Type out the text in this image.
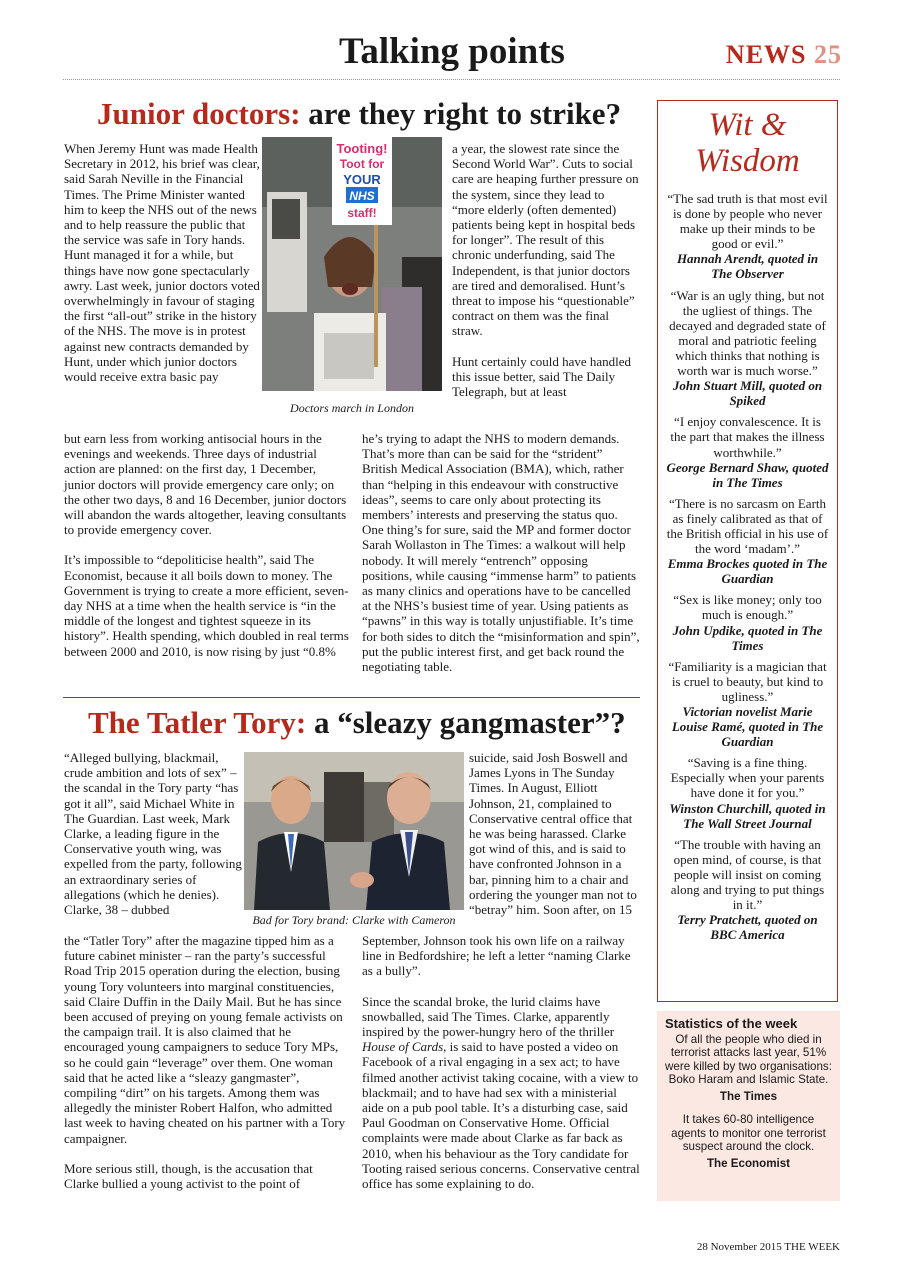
Talking points	NEWS 25
Junior doctors: are they right to strike?

When Jeremy Hunt was made Health Secretary in 2012, his brief was clear, said Sarah Neville in the Financial Times. The Prime Minister wanted him to keep the NHS out of the news and to help reassure the public that the service was safe in Tory hands. Hunt managed it for a while, but things have now gone spectacularly awry. Last week, junior doctors voted overwhelmingly in favour of staging the first “all-out” strike in the history of the NHS. The move is in protest against new contracts demanded by Hunt, under which junior doctors would receive extra basic pay

Tooting!
Toot for
YOUR
NHS
staff!
Doctors march in London

a year, the slowest rate since the Second World War”. Cuts to social care are heaping further pressure on the system, since they lead to “more elderly (often demented) patients being kept in hospital beds for longer”. The result of this chronic underfunding, said The Independent, is that junior doctors are tired and demoralised. Hunt’s threat to impose his “questionable” contract on them was the final straw.

Hunt certainly could have handled this issue better, said The Daily Telegraph, but at least

but earn less from working antisocial hours in the evenings and weekends. Three days of industrial action are planned: on the first day, 1 December, junior doctors will provide emergency care only; on the other two days, 8 and 16 December, junior doctors will abandon the wards altogether, leaving consultants to provide emergency cover.

It’s impossible to “depoliticise health”, said The Economist, because it all boils down to money. The Government is trying to create a more efficient, seven-day NHS at a time when the health service is “in the middle of the longest and tightest squeeze in its history”. Health spending, which doubled in real terms between 2000 and 2010, is now rising by just “0.8%

he’s trying to adapt the NHS to modern demands. That’s more than can be said for the “strident” British Medical Association (BMA), which, rather than “helping in this endeavour with constructive ideas”, seems to care only about protecting its members’ interests and preserving the status quo. One thing’s for sure, said the MP and former doctor Sarah Wollaston in The Times: a walkout will help nobody. It will merely “entrench” opposing positions, while causing “immense harm” to patients as many clinics and operations have to be cancelled at the NHS’s busiest time of year. Using patients as “pawns” in this way is totally unjustifiable. It’s time for both sides to ditch the “misinformation and spin”, put the public interest first, and get back round the negotiating table.

The Tatler Tory: a “sleazy gangmaster”?

“Alleged bullying, blackmail, crude ambition and lots of sex” – the scandal in the Tory party “has got it all”, said Michael White in The Guardian. Last week, Mark Clarke, a leading figure in the Conservative youth wing, was expelled from the party, following an extraordinary series of allegations (which he denies). Clarke, 38 – dubbed

Bad for Tory brand: Clarke with Cameron

suicide, said Josh Boswell and James Lyons in The Sunday Times. In August, Elliott Johnson, 21, complained to Conservative central office that he was being harassed. Clarke got wind of this, and is said to have confronted Johnson in a bar, pinning him to a chair and ordering the younger man not to “betray” him. Soon after, on 15

the “Tatler Tory” after the magazine tipped him as a future cabinet minister – ran the party’s successful Road Trip 2015 operation during the election, busing young Tory volunteers into marginal constituencies, said Claire Duffin in the Daily Mail. But he has since been accused of preying on young female activists on the campaign trail. It is also claimed that he encouraged young campaigners to seduce Tory MPs, so he could gain “leverage” over them. One woman said that he acted like a “sleazy gangmaster”, compiling “dirt” on his targets. Among them was allegedly the minister Robert Halfon, who admitted last week to having cheated on his partner with a Tory campaigner.

More serious still, though, is the accusation that Clarke bullied a young activist to the point of

September, Johnson took his own life on a railway line in Bedfordshire; he left a letter “naming Clarke as a bully”.

Since the scandal broke, the lurid claims have snowballed, said The Times. Clarke, apparently inspired by the power-hungry hero of the thriller House of Cards, is said to have posted a video on Facebook of a rival engaging in a sex act; to have filmed another activist taking cocaine, with a view to blackmail; and to have had sex with a ministerial aide on a pub pool table. It’s a disturbing case, said Paul Goodman on Conservative Home. Official complaints were made about Clarke as far back as 2010, when his behaviour as the Tory candidate for Tooting raised serious concerns. Conservative central office has some explaining to do.

Wit &
Wisdom
“The sad truth is that most evil is done by people who never make up their minds to be good or evil.”
Hannah Arendt, quoted in The Observer
“War is an ugly thing, but not the ugliest of things. The decayed and degraded state of moral and patriotic feeling which thinks that nothing is worth war is much worse.”
John Stuart Mill, quoted on Spiked
“I enjoy convalescence. It is the part that makes the illness worthwhile.”
George Bernard Shaw, quoted in The Times
“There is no sarcasm on Earth as finely calibrated as that of the British official in his use of the word ‘madam’.”
Emma Brockes quoted in The Guardian
“Sex is like money; only too much is enough.”
John Updike, quoted in The Times
“Familiarity is a magician that is cruel to beauty, but kind to ugliness.”
Victorian novelist Marie Louise Ramé, quoted in The Guardian
“Saving is a fine thing. Especially when your parents have done it for you.”
Winston Churchill, quoted in The Wall Street Journal
“The trouble with having an open mind, of course, is that people will insist on coming along and trying to put things in it.”
Terry Pratchett, quoted on BBC America
Statistics of the week
Of all the people who died in terrorist attacks last year, 51% were killed by two organisations: Boko Haram and Islamic State.
The Times
It takes 60-80 intelligence agents to monitor one terrorist suspect around the clock.
The Economist
28 November 2015 THE WEEK
